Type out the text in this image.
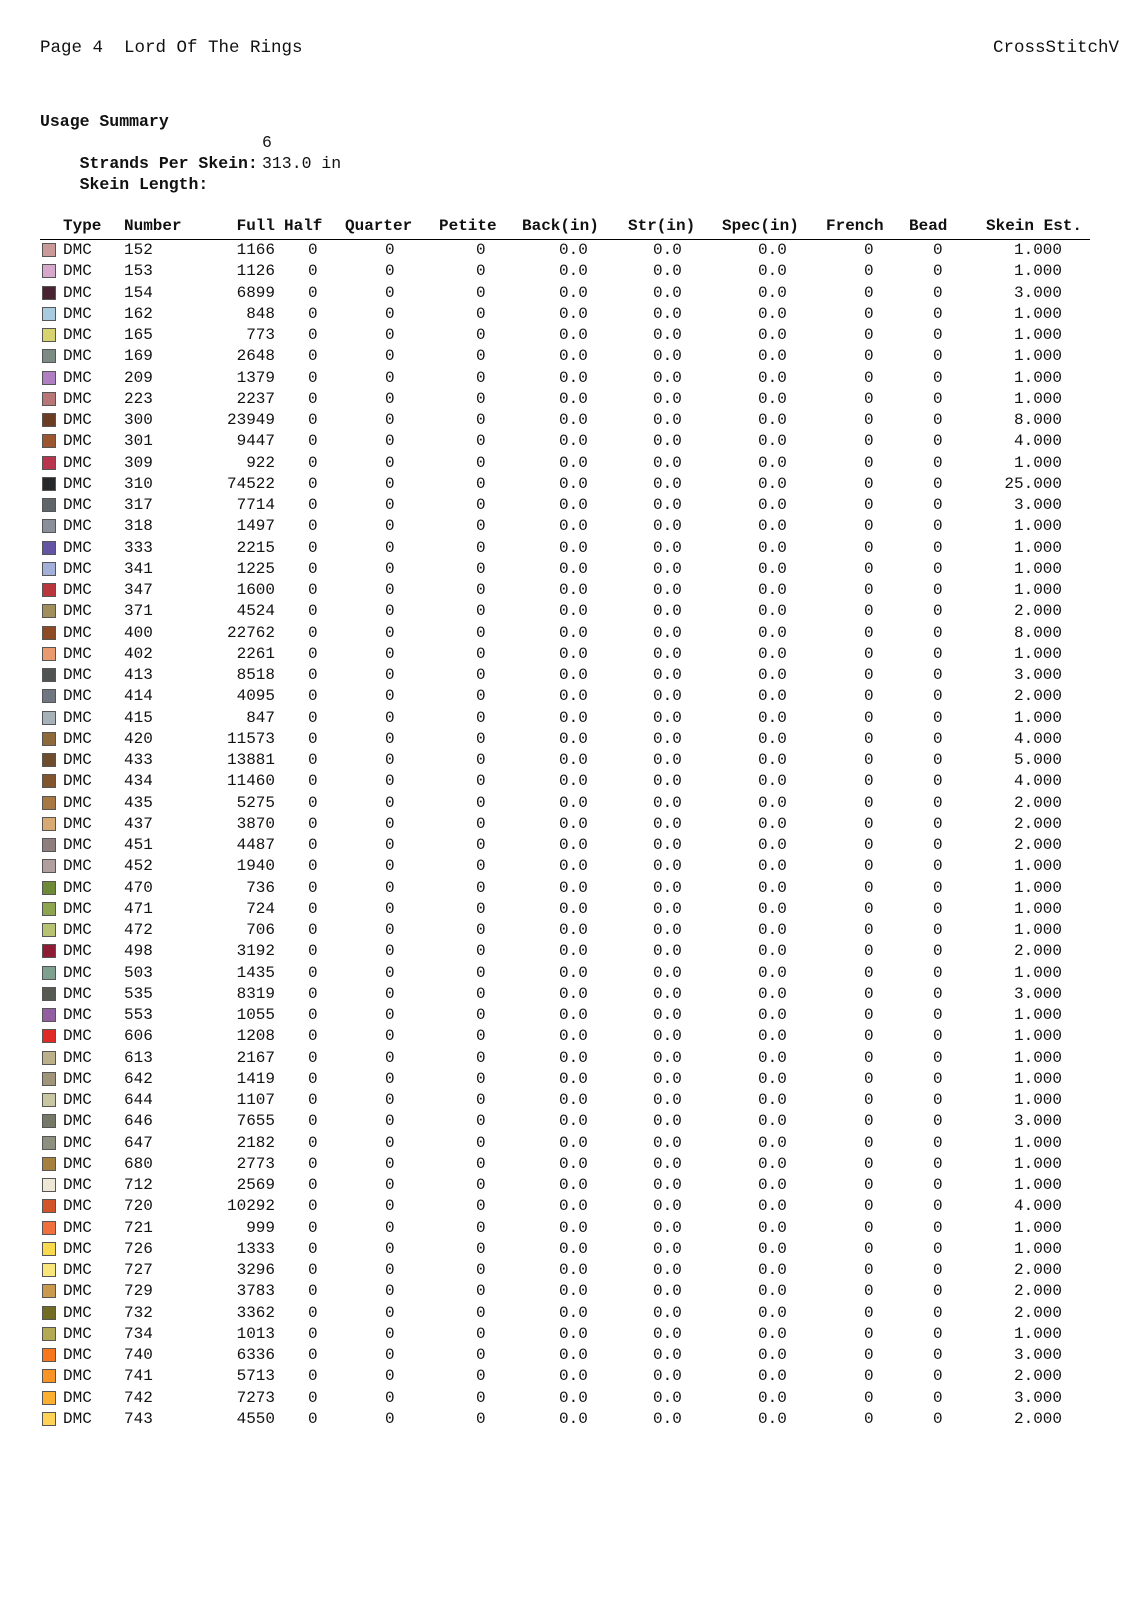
Page 4  Lord Of The Rings	CrossStitchV
Usage Summary

Strands Per Skein:

6

Skein Length:

313.0 in

Type Number	Full Half Quarter Petite Back(in) Str(in) Spec(in) French Bead Skein Est.
DMC 152	1166 0	0	0	0.0	0.0	0.0	0	0	1.000
DMC 153	1126 0	0	0	0.0	0.0	0.0	0	0	1.000
DMC 154	6899 0	0	0	0.0	0.0	0.0	0	0	3.000
DMC 162	848 0	0	0	0.0	0.0	0.0	0	0	1.000
DMC 165	773 0	0	0	0.0	0.0	0.0	0	0	1.000
DMC 169	2648 0	0	0	0.0	0.0	0.0	0	0	1.000
DMC 209	1379 0	0	0	0.0	0.0	0.0	0	0	1.000
DMC 223	2237 0	0	0	0.0	0.0	0.0	0	0	1.000
DMC 300	23949 0	0	0	0.0	0.0	0.0	0	0	8.000
DMC 301	9447 0	0	0	0.0	0.0	0.0	0	0	4.000
DMC 309	922 0	0	0	0.0	0.0	0.0	0	0	1.000
DMC 310	74522 0	0	0	0.0	0.0	0.0	0	0	25.000
DMC 317	7714 0	0	0	0.0	0.0	0.0	0	0	3.000
DMC 318	1497 0	0	0	0.0	0.0	0.0	0	0	1.000
DMC 333	2215 0	0	0	0.0	0.0	0.0	0	0	1.000
DMC 341	1225 0	0	0	0.0	0.0	0.0	0	0	1.000
DMC 347	1600 0	0	0	0.0	0.0	0.0	0	0	1.000
DMC 371	4524 0	0	0	0.0	0.0	0.0	0	0	2.000
DMC 400	22762 0	0	0	0.0	0.0	0.0	0	0	8.000
DMC 402	2261 0	0	0	0.0	0.0	0.0	0	0	1.000
DMC 413	8518 0	0	0	0.0	0.0	0.0	0	0	3.000
DMC 414	4095 0	0	0	0.0	0.0	0.0	0	0	2.000
DMC 415	847 0	0	0	0.0	0.0	0.0	0	0	1.000
DMC 420	11573 0	0	0	0.0	0.0	0.0	0	0	4.000
DMC 433	13881 0	0	0	0.0	0.0	0.0	0	0	5.000
DMC 434	11460 0	0	0	0.0	0.0	0.0	0	0	4.000
DMC 435	5275 0	0	0	0.0	0.0	0.0	0	0	2.000
DMC 437	3870 0	0	0	0.0	0.0	0.0	0	0	2.000
DMC 451	4487 0	0	0	0.0	0.0	0.0	0	0	2.000
DMC 452	1940 0	0	0	0.0	0.0	0.0	0	0	1.000
DMC 470	736 0	0	0	0.0	0.0	0.0	0	0	1.000
DMC 471	724 0	0	0	0.0	0.0	0.0	0	0	1.000
DMC 472	706 0	0	0	0.0	0.0	0.0	0	0	1.000
DMC 498	3192 0	0	0	0.0	0.0	0.0	0	0	2.000
DMC 503	1435 0	0	0	0.0	0.0	0.0	0	0	1.000
DMC 535	8319 0	0	0	0.0	0.0	0.0	0	0	3.000
DMC 553	1055 0	0	0	0.0	0.0	0.0	0	0	1.000
DMC 606	1208 0	0	0	0.0	0.0	0.0	0	0	1.000
DMC 613	2167 0	0	0	0.0	0.0	0.0	0	0	1.000
DMC 642	1419 0	0	0	0.0	0.0	0.0	0	0	1.000
DMC 644	1107 0	0	0	0.0	0.0	0.0	0	0	1.000
DMC 646	7655 0	0	0	0.0	0.0	0.0	0	0	3.000
DMC 647	2182 0	0	0	0.0	0.0	0.0	0	0	1.000
DMC 680	2773 0	0	0	0.0	0.0	0.0	0	0	1.000
DMC 712	2569 0	0	0	0.0	0.0	0.0	0	0	1.000
DMC 720	10292 0	0	0	0.0	0.0	0.0	0	0	4.000
DMC 721	999 0	0	0	0.0	0.0	0.0	0	0	1.000
DMC 726	1333 0	0	0	0.0	0.0	0.0	0	0	1.000
DMC 727	3296 0	0	0	0.0	0.0	0.0	0	0	2.000
DMC 729	3783 0	0	0	0.0	0.0	0.0	0	0	2.000
DMC 732	3362 0	0	0	0.0	0.0	0.0	0	0	2.000
DMC 734	1013 0	0	0	0.0	0.0	0.0	0	0	1.000
DMC 740	6336 0	0	0	0.0	0.0	0.0	0	0	3.000
DMC 741	5713 0	0	0	0.0	0.0	0.0	0	0	2.000
DMC 742	7273 0	0	0	0.0	0.0	0.0	0	0	3.000
DMC 743	4550 0	0	0	0.0	0.0	0.0	0	0	2.000
